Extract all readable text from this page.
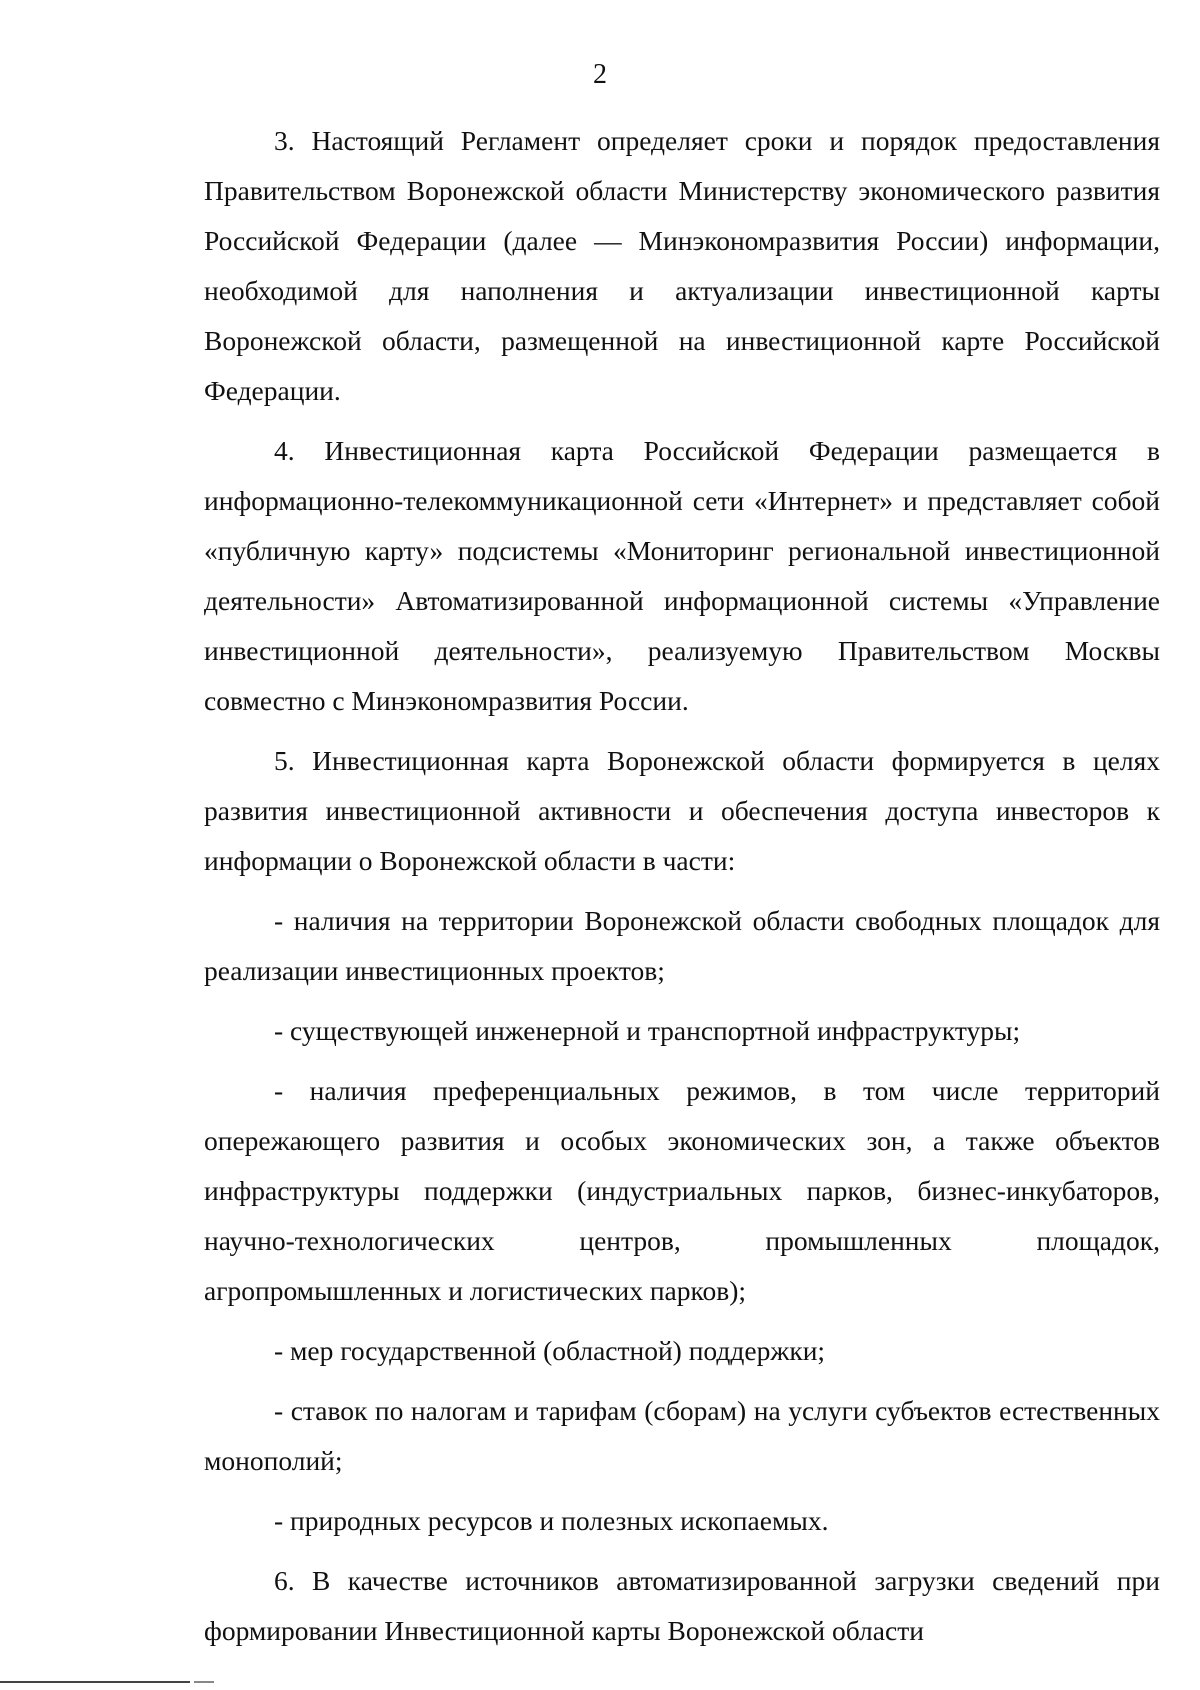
2

3. Настоящий Регламент определяет сроки и порядок предоставления Правительством Воронежской области Министерству экономического развития Российской Федерации (далее — Минэкономразвития России) информации, необходимой для наполнения и актуализации инвестиционной карты Воронежской области, размещенной на инвестиционной карте Российской Федерации.

4. Инвестиционная карта Российской Федерации размещается в информационно-телекоммуникационной сети «Интернет» и представляет собой «публичную карту» подсистемы «Мониторинг региональной инвестиционной деятельности» Автоматизированной информационной системы «Управление инвестиционной деятельности», реализуемую Правительством Москвы совместно с Минэкономразвития России.

5. Инвестиционная карта Воронежской области формируется в целях развития инвестиционной активности и обеспечения доступа инвесторов к информации о Воронежской области в части:

- наличия на территории Воронежской области свободных площадок для реализации инвестиционных проектов;

- существующей инженерной и транспортной инфраструктуры;

- наличия преференциальных режимов, в том числе территорий опережающего развития и особых экономических зон, а также объектов инфраструктуры поддержки (индустриальных парков, бизнес-инкубаторов, научно-технологических центров, промышленных площадок, агропромышленных и логистических парков);

- мер государственной (областной) поддержки;

- ставок по налогам и тарифам (сборам) на услуги субъектов естественных монополий;

- природных ресурсов и полезных ископаемых.

6. В качестве источников автоматизированной загрузки сведений при формировании Инвестиционной карты Воронежской области
